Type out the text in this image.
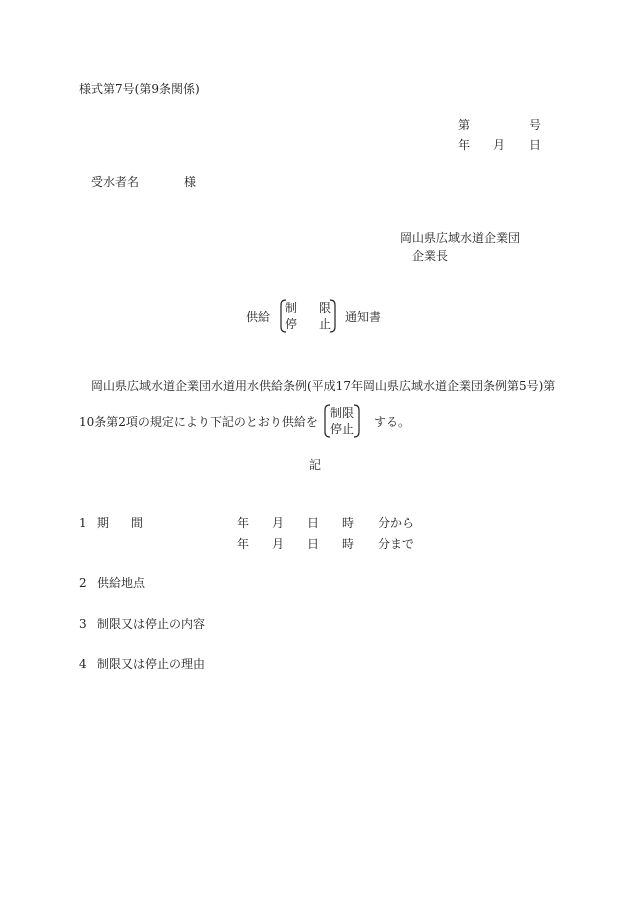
様式第7号(第9条関係)
第	号
年 月 日
受水者名	様
岡山県広域水道企業団
企業長
供給
制 限
停 止 通知書
岡山県広域水道企業団水道用水供給条例(平成17年岡山県広域水道企業団条例第5号)第
10条第2項の規定により下記のとおり供給を
制限
停止 する。
記
1 期 間	年 月 日 時 分から
年 月 日 時 分まで
2 供給地点
3 制限又は停止の内容
4 制限又は停止の理由
